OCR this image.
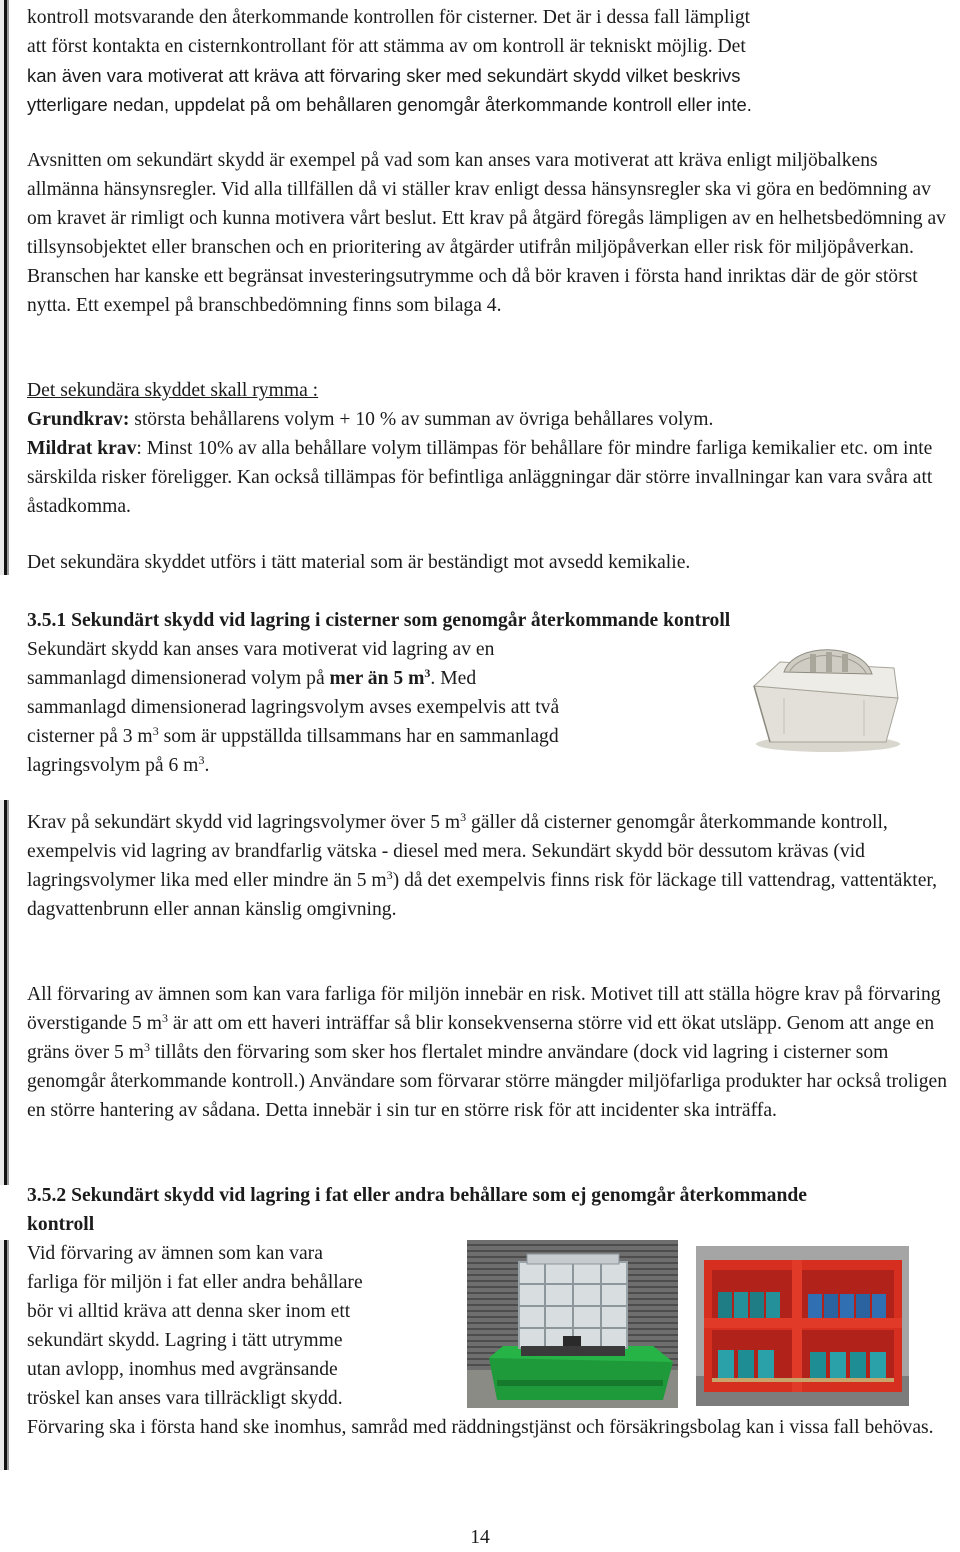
kontroll motsvarande den återkommande kontrollen för cisterner. Det är i dessa fall lämpligt

att först kontakta en cisternkontrollant för att stämma av om kontroll är tekniskt möjlig. Det

kan även vara motiverat att kräva att förvaring sker med sekundärt skydd vilket beskrivs

ytterligare nedan, uppdelat på om behållaren genomgår återkommande kontroll eller inte.

Avsnitten om sekundärt skydd är exempel på vad som kan anses vara motiverat att kräva enligt miljöbalkens allmänna hänsynsregler. Vid alla tillfällen då vi ställer krav enligt dessa hänsynsregler ska vi göra en bedömning av om kravet är rimligt och kunna motivera vårt beslut. Ett krav på åtgärd föregås lämpligen av en helhetsbedömning av tillsynsobjektet eller branschen och en prioritering av åtgärder utifrån miljöpåverkan eller risk för miljöpåverkan. Branschen har kanske ett begränsat investeringsutrymme och då bör kraven i första hand inriktas där de gör störst nytta. Ett exempel på branschbedömning finns som bilaga 4.

Det sekundära skyddet skall rymma :

Grundkrav: största behållarens volym + 10 % av summan av övriga behållares volym.

Mildrat krav: Minst 10% av alla behållare volym tillämpas för behållare för mindre farliga kemikalier etc. om inte särskilda risker föreligger. Kan också tillämpas för befintliga anläggningar där större invallningar kan vara svåra att åstadkomma.

Det sekundära skyddet utförs i tätt material som är beständigt mot avsedd kemikalie.

3.5.1 Sekundärt skydd vid lagring i cisterner som genomgår återkommande kontroll

Sekundärt skydd kan anses vara motiverat vid lagring av en

sammanlagd dimensionerad volym på mer än 5 $m^3$. Med

sammanlagd dimensionerad lagringsvolym avses exempelvis att två

cisterner på 3 $m^3$ som är uppställda tillsammans har en sammanlagd

lagringsvolym på 6 $m^3$.

Krav på sekundärt skydd vid lagringsvolymer över 5 $m^3$ gäller då cisterner genomgår återkommande kontroll, exempelvis vid lagring av brandfarlig vätska - diesel med mera. Sekundärt skydd bör dessutom krävas (vid lagringsvolymer lika med eller mindre än 5 $m^3$) då det exempelvis finns risk för läckage till vattendrag, vattentäkter, dagvattenbrunn eller annan känslig omgivning.

All förvaring av ämnen som kan vara farliga för miljön innebär en risk. Motivet till att ställa högre krav på förvaring överstigande 5 $m^3$ är att om ett haveri inträffar så blir konsekvenserna större vid ett ökat utsläpp. Genom att ange en gräns över 5 $m^3$ tillåts den förvaring som sker hos flertalet mindre användare (dock vid lagring i cisterner som genomgår återkommande kontroll.) Användare som förvarar större mängder miljöfarliga produkter har också troligen en större hantering av sådana. Detta innebär i sin tur en större risk för att incidenter ska inträffa.

3.5.2 Sekundärt skydd vid lagring i fat eller andra behållare som ej genomgår återkommande kontroll

Vid förvaring av ämnen som kan vara

farliga för miljön i fat eller andra behållare

bör vi alltid kräva att denna sker inom ett

sekundärt skydd. Lagring i tätt utrymme

utan avlopp, inomhus med avgränsande

tröskel kan anses vara tillräckligt skydd.

Förvaring ska i första hand ske inomhus, samråd med räddningstjänst och försäkringsbolag kan i vissa fall behövas.

14
